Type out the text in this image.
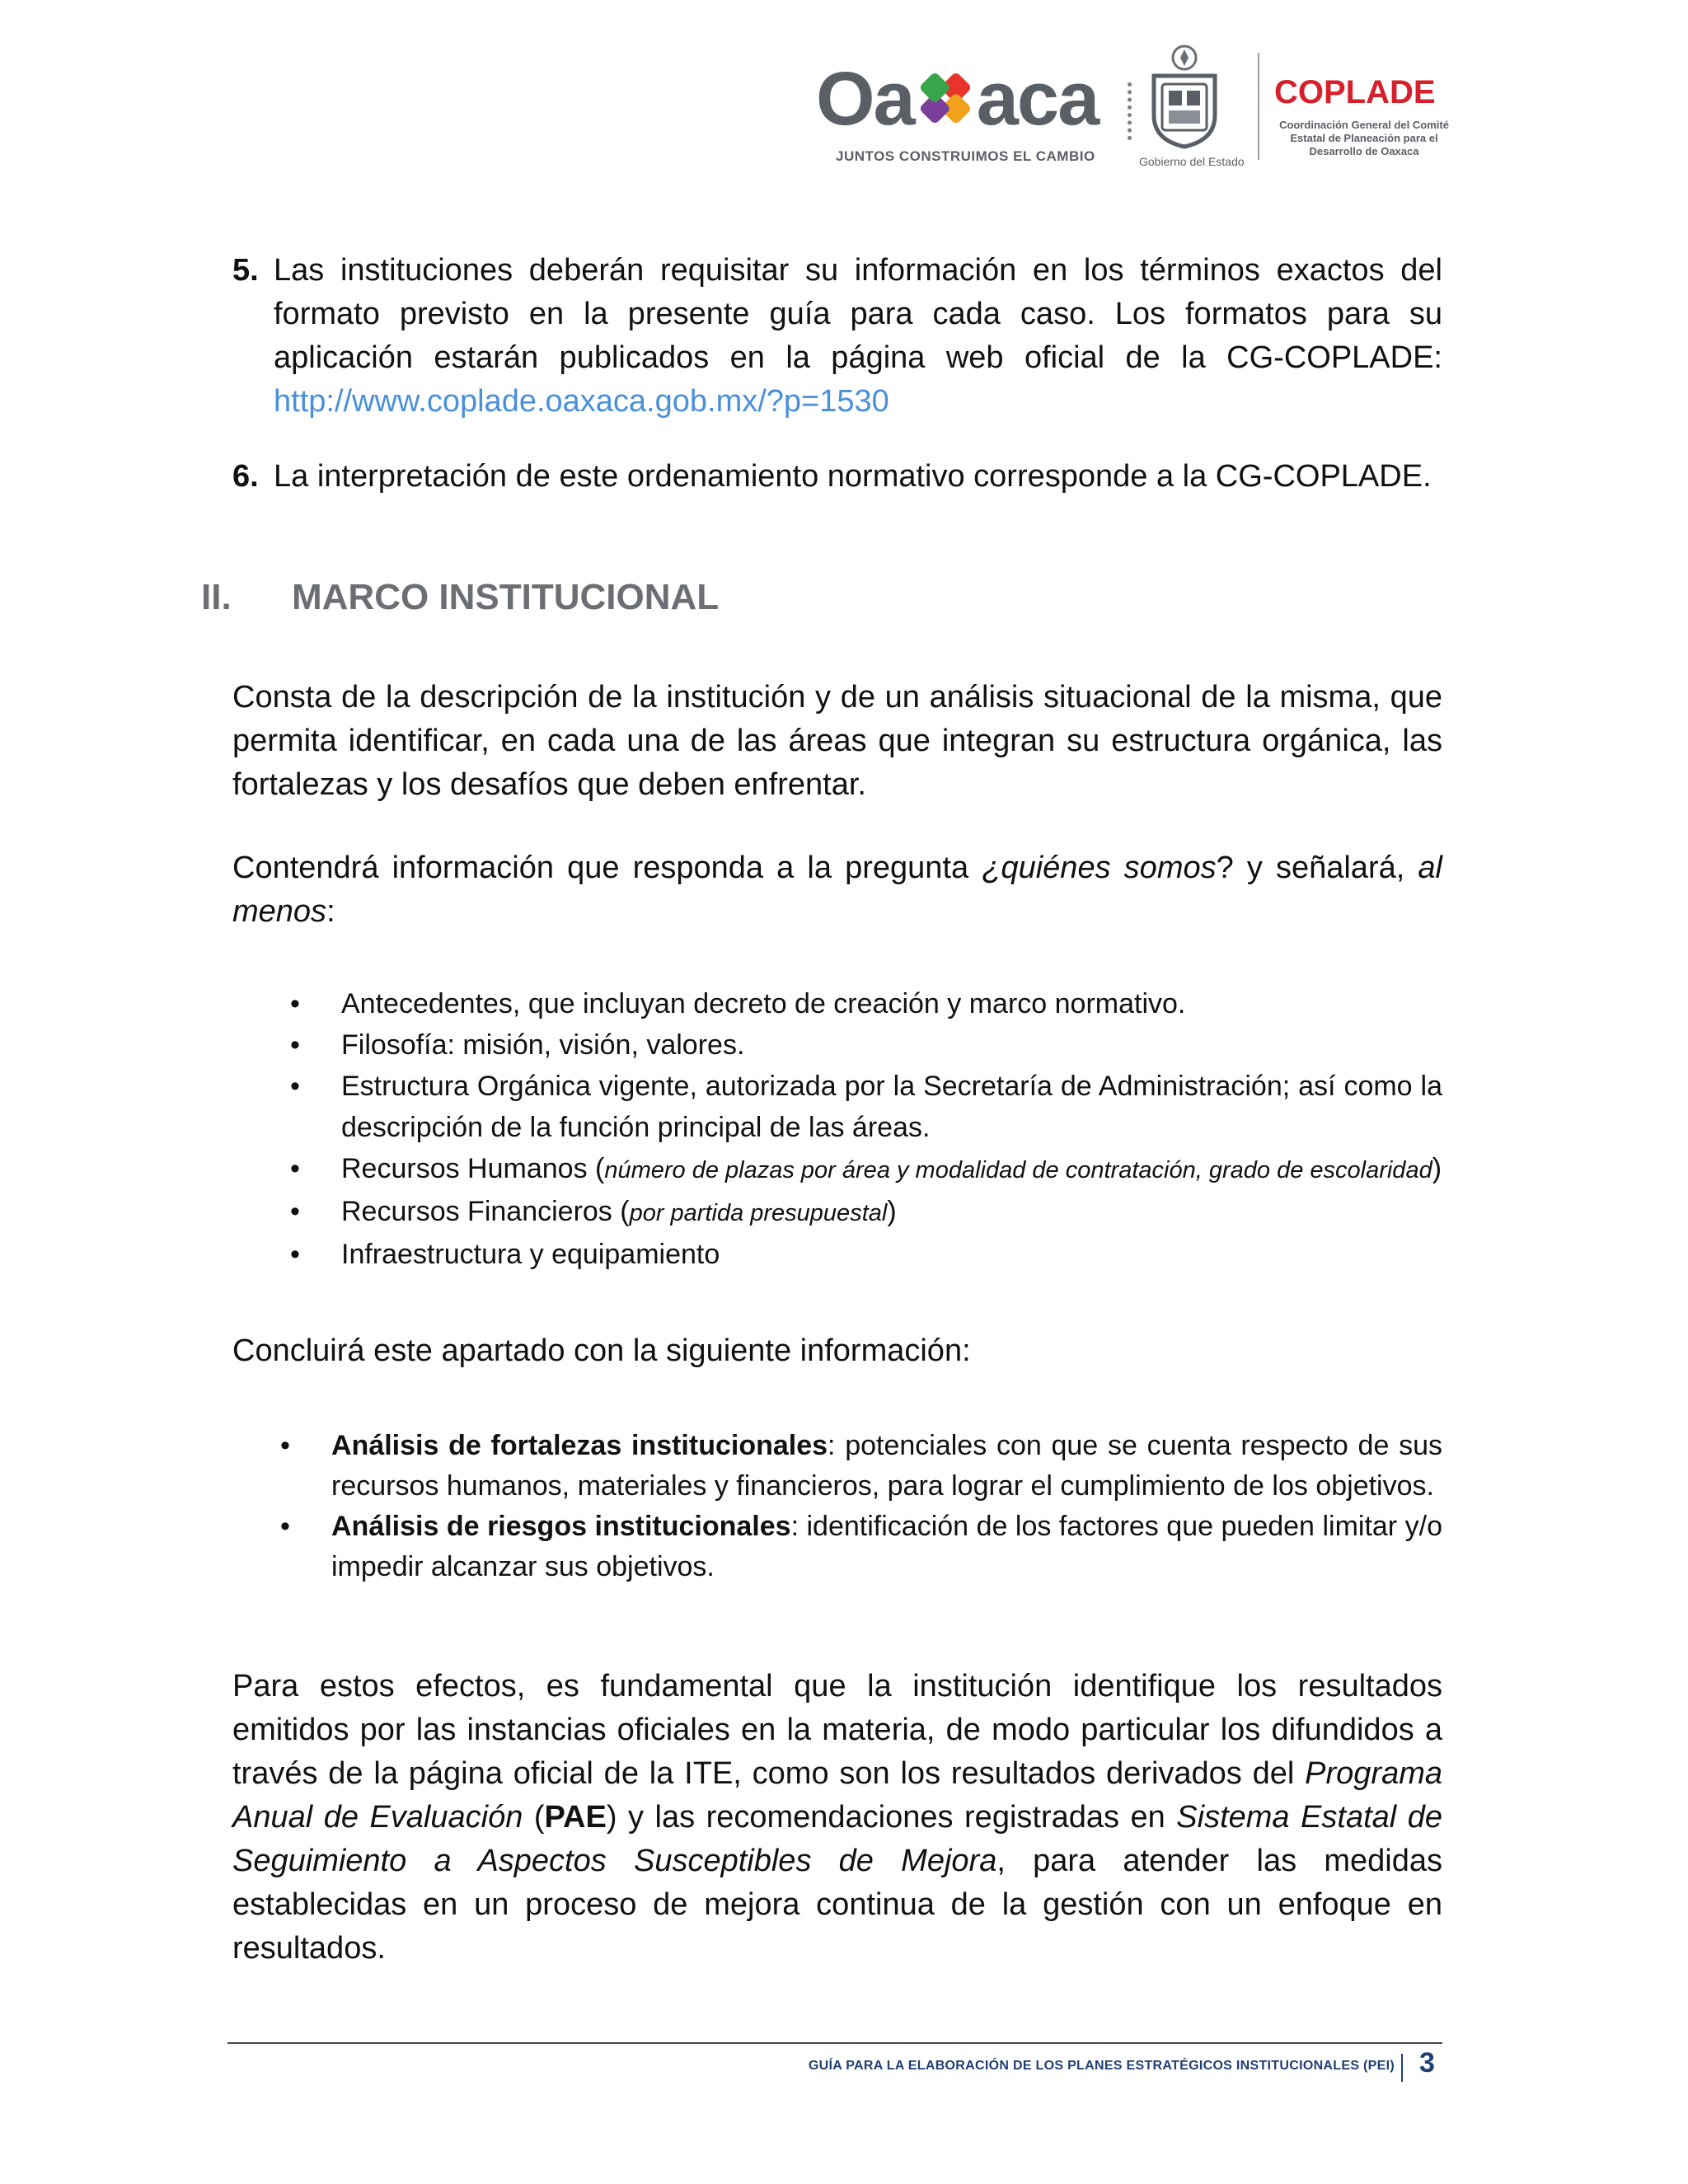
Oa aca
JUNTOS CONSTRUIMOS EL CAMBIO	Gobierno del Estado
COPLADE
Coordinación General del Comité Estatal de Planeación para el Desarrollo de Oaxaca
5. Las instituciones deberán requisitar su información en los términos exactos del formato previsto en la presente guía para cada caso. Los formatos para su aplicación estarán publicados en la página web oficial de la CG-COPLADE: http://www.coplade.oaxaca.gob.mx/?p=1530
6. La interpretación de este ordenamiento normativo corresponde a la CG-COPLADE.
II. MARCO INSTITUCIONAL

Consta de la descripción de la institución y de un análisis situacional de la misma, que permita identificar, en cada una de las áreas que integran su estructura orgánica, las fortalezas y los desafíos que deben enfrentar.

Contendrá información que responda a la pregunta ¿quiénes somos? y señalará, al menos:

• Antecedentes, que incluyan decreto de creación y marco normativo.
• Filosofía: misión, visión, valores.
• Estructura Orgánica vigente, autorizada por la Secretaría de Administración; así como la descripción de la función principal de las áreas.
• Recursos Humanos (número de plazas por área y modalidad de contratación, grado de escolaridad)
• Recursos Financieros (por partida presupuestal)
• Infraestructura y equipamiento

Concluirá este apartado con la siguiente información:

• Análisis de fortalezas institucionales: potenciales con que se cuenta respecto de sus recursos humanos, materiales y financieros, para lograr el cumplimiento de los objetivos.
• Análisis de riesgos institucionales: identificación de los factores que pueden limitar y/o impedir alcanzar sus objetivos.

Para estos efectos, es fundamental que la institución identifique los resultados emitidos por las instancias oficiales en la materia, de modo particular los difundidos a través de la página oficial de la ITE, como son los resultados derivados del Programa Anual de Evaluación (PAE) y las recomendaciones registradas en Sistema Estatal de Seguimiento a Aspectos Susceptibles de Mejora, para atender las medidas establecidas en un proceso de mejora continua de la gestión con un enfoque en resultados.

GUÍA PARA LA ELABORACIÓN DE LOS PLANES ESTRATÉGICOS INSTITUCIONALES (PEI) 3
